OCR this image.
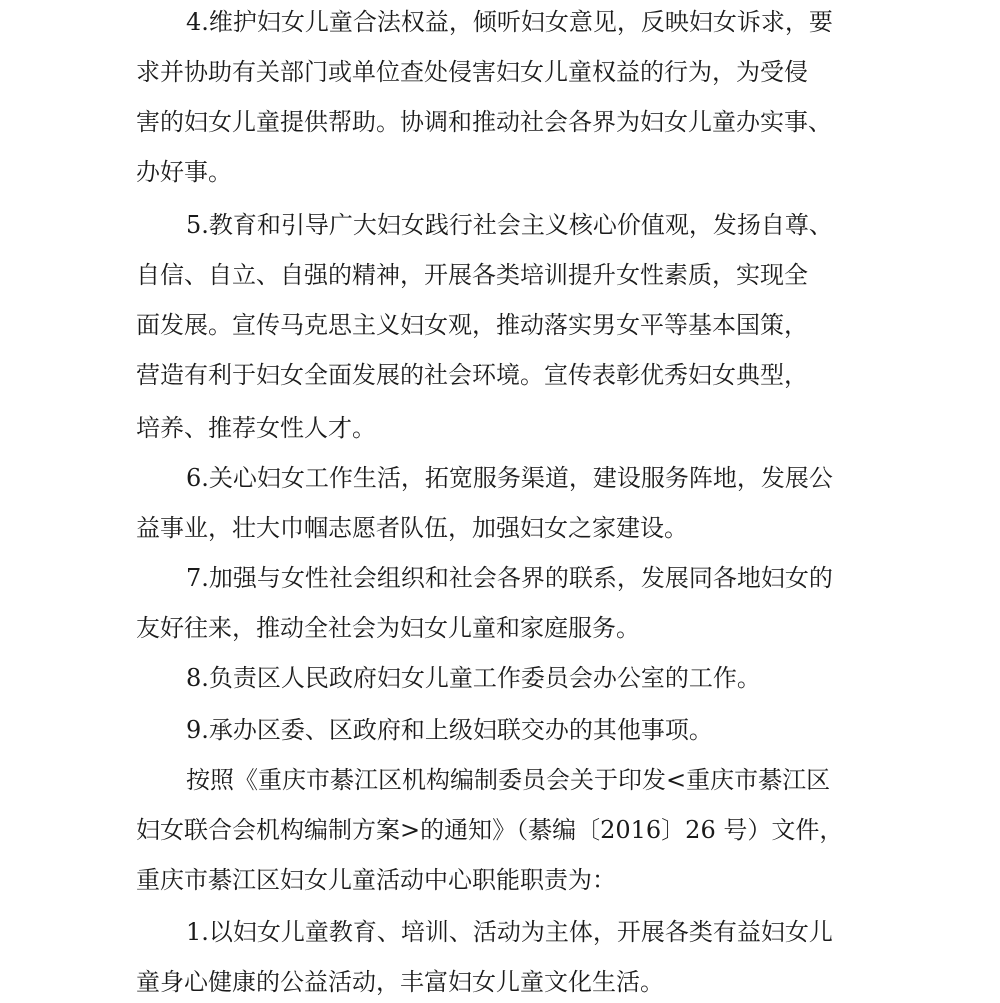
4.维护妇女儿童合法权益，倾听妇女意见，反映妇女诉求，要
求并协助有关部门或单位查处侵害妇女儿童权益的行为，为受侵
害的妇女儿童提供帮助。协调和推动社会各界为妇女儿童办实事、
办好事。
5.教育和引导广大妇女践行社会主义核心价值观，发扬自尊、
自信、自立、自强的精神，开展各类培训提升女性素质，实现全
面发展。宣传马克思主义妇女观，推动落实男女平等基本国策，
营造有利于妇女全面发展的社会环境。宣传表彰优秀妇女典型，
培养、推荐女性人才。
6.关心妇女工作生活，拓宽服务渠道，建设服务阵地，发展公
益事业，壮大巾帼志愿者队伍，加强妇女之家建设。
7.加强与女性社会组织和社会各界的联系，发展同各地妇女的
友好往来，推动全社会为妇女儿童和家庭服务。
8.负责区人民政府妇女儿童工作委员会办公室的工作。
9.承办区委、区政府和上级妇联交办的其他事项。
按照《重庆市綦江区机构编制委员会关于印发<重庆市綦江区
妇女联合会机构编制方案>的通知》（綦编〔2016〕26 号）文件，
重庆市綦江区妇女儿童活动中心职能职责为：
1.以妇女儿童教育、培训、活动为主体，开展各类有益妇女儿
童身心健康的公益活动，丰富妇女儿童文化生活。
